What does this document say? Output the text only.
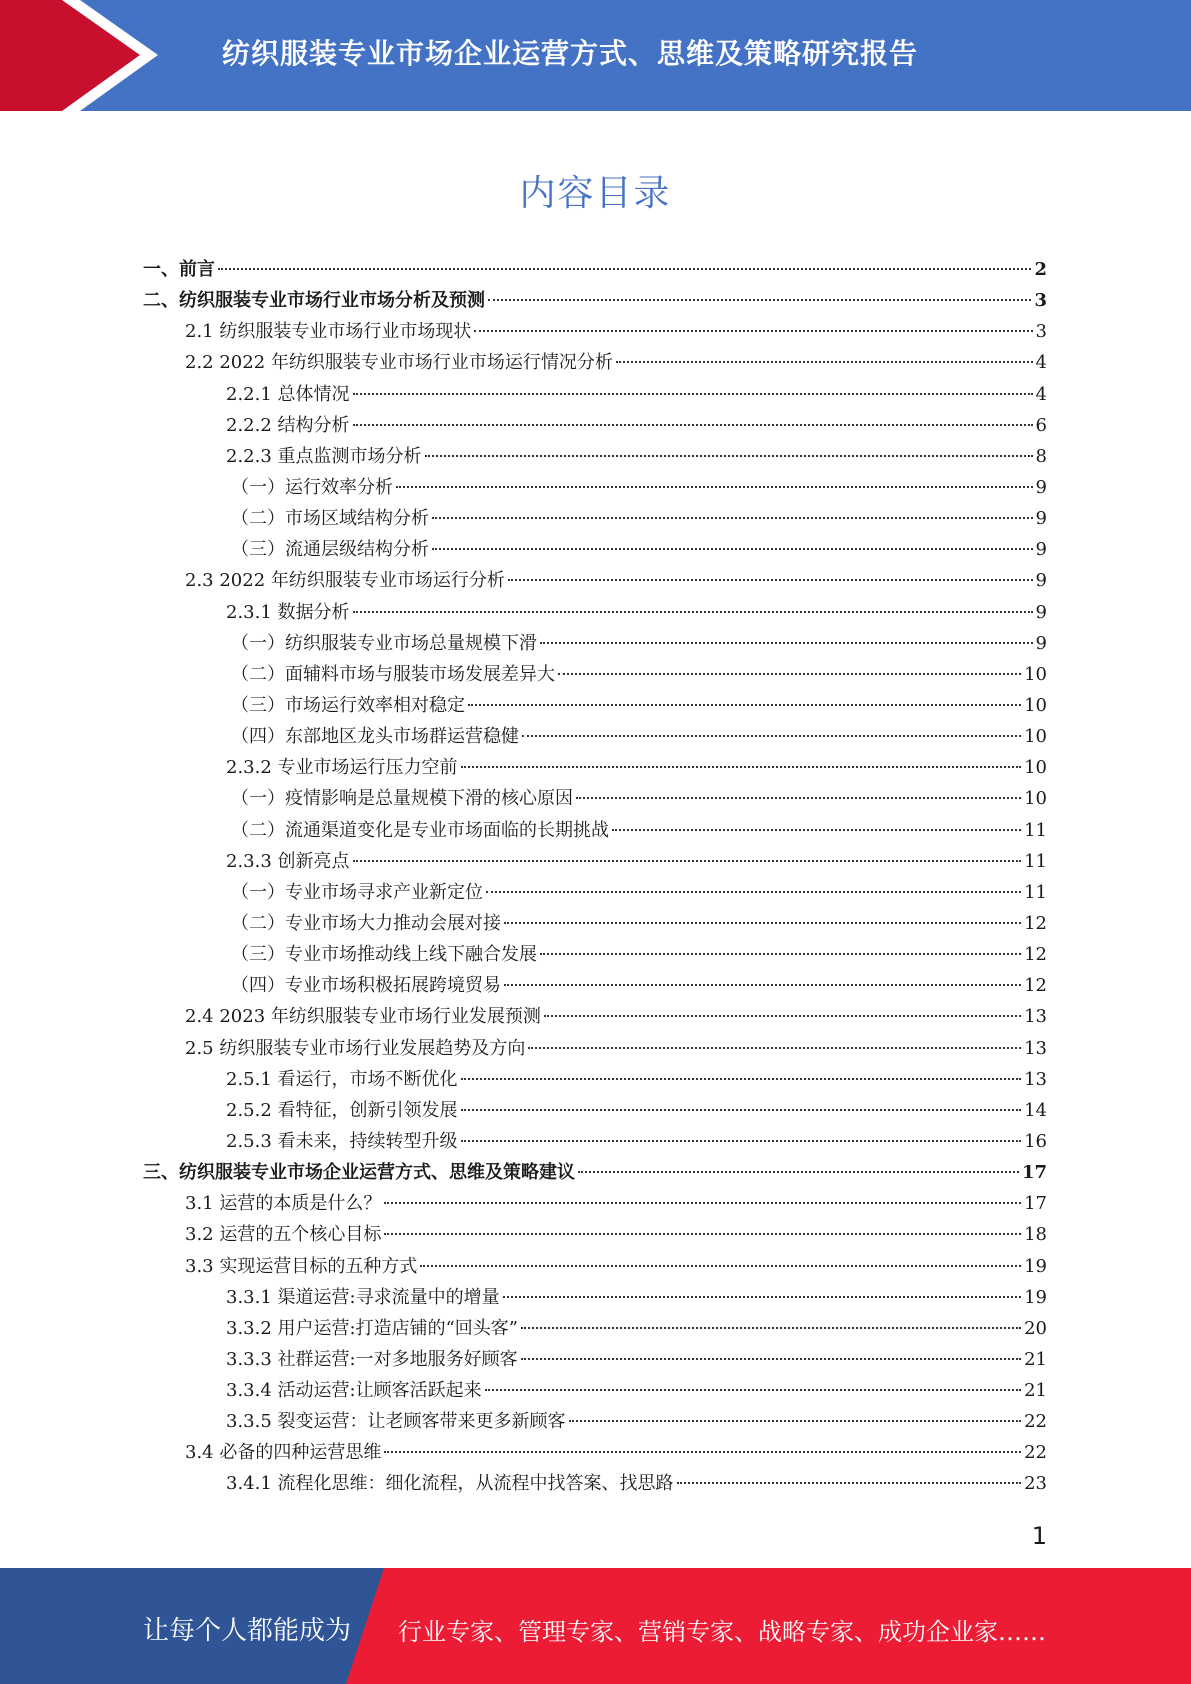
纺织服装专业市场企业运营方式、思维及策略研究报告
内容目录
一、前言	2
二、纺织服装专业市场行业市场分析及预测	3
2.1 纺织服装专业市场行业市场现状	3
2.2 2022 年纺织服装专业市场行业市场运行情况分析	4
2.2.1 总体情况	4
2.2.2 结构分析	6
2.2.3 重点监测市场分析	8
（一）运行效率分析	9
（二）市场区域结构分析	9
（三）流通层级结构分析	9
2.3 2022 年纺织服装专业市场运行分析	9
2.3.1 数据分析	9
（一）纺织服装专业市场总量规模下滑	9
（二）面辅料市场与服装市场发展差异大	10
（三）市场运行效率相对稳定	10
（四）东部地区龙头市场群运营稳健	10
2.3.2 专业市场运行压力空前	10
（一）疫情影响是总量规模下滑的核心原因	10
（二）流通渠道变化是专业市场面临的长期挑战	11
2.3.3 创新亮点	11
（一）专业市场寻求产业新定位	11
（二）专业市场大力推动会展对接	12
（三）专业市场推动线上线下融合发展	12
（四）专业市场积极拓展跨境贸易	12
2.4 2023 年纺织服装专业市场行业发展预测	13
2.5 纺织服装专业市场行业发展趋势及方向	13
2.5.1 看运行，市场不断优化	13
2.5.2 看特征，创新引领发展	14
2.5.3 看未来，持续转型升级	16
三、纺织服装专业市场企业运营方式、思维及策略建议	17
3.1 运营的本质是什么？	17
3.2 运营的五个核心目标	18
3.3 实现运营目标的五种方式	19
3.3.1 渠道运营:寻求流量中的增量	19
3.3.2 用户运营:打造店铺的“回头客”	20
3.3.3 社群运营:一对多地服务好顾客	21
3.3.4 活动运营:让顾客活跃起来	21
3.3.5 裂变运营：让老顾客带来更多新顾客	22
3.4 必备的四种运营思维	22
3.4.1 流程化思维：细化流程，从流程中找答案、找思路	23
1
让每个人都能成为 行业专家、管理专家、营销专家、战略专家、成功企业家……
